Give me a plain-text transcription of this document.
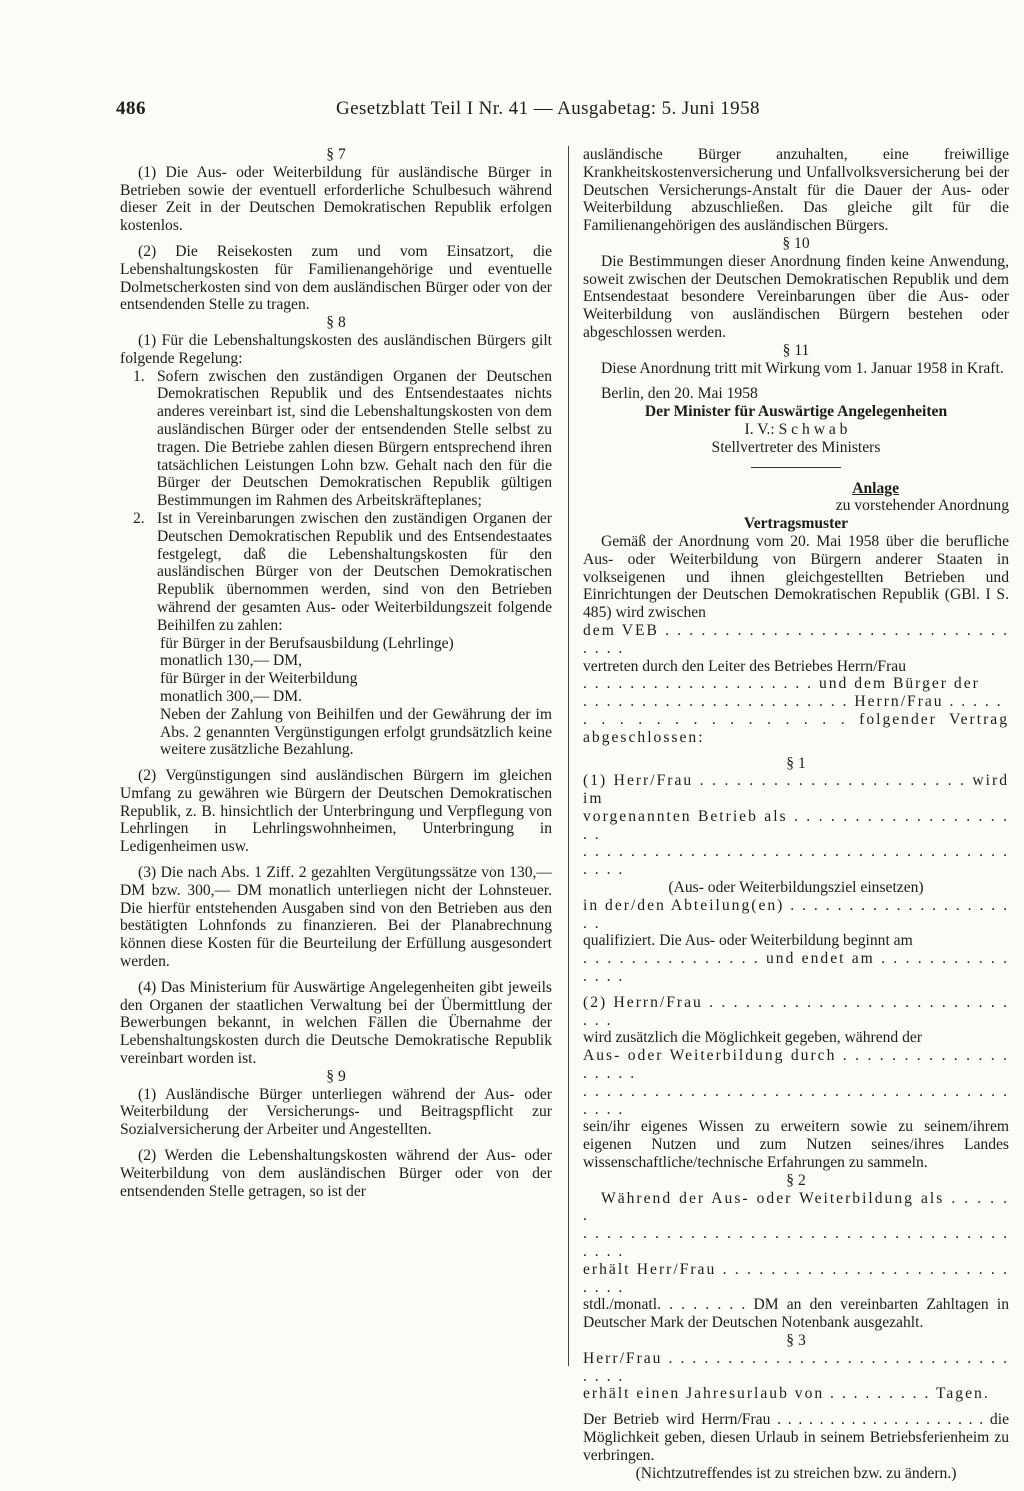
486	Gesetzblatt Teil I Nr. 41 — Ausgabetag: 5. Juni 1958

§ 7

(1) Die Aus- oder Weiterbildung für ausländische Bürger in Betrieben sowie der eventuell erforderliche Schulbesuch während dieser Zeit in der Deutschen Demokratischen Republik erfolgen kostenlos.

(2) Die Reisekosten zum und vom Einsatzort, die Lebenshaltungskosten für Familienangehörige und eventuelle Dolmetscherkosten sind von dem ausländischen Bürger oder von der entsendenden Stelle zu tragen.

§ 8

(1) Für die Lebenshaltungskosten des ausländischen Bürgers gilt folgende Regelung:

1. Sofern zwischen den zuständigen Organen der Deutschen Demokratischen Republik und des Entsendestaates nichts anderes vereinbart ist, sind die Lebenshaltungskosten von dem ausländischen Bürger oder der entsendenden Stelle selbst zu tragen. Die Betriebe zahlen diesen Bürgern entsprechend ihren tatsächlichen Leistungen Lohn bzw. Gehalt nach den für die Bürger der Deutschen Demokratischen Republik gültigen Bestimmungen im Rahmen des Arbeitskräfteplanes;
2. Ist in Vereinbarungen zwischen den zuständigen Organen der Deutschen Demokratischen Republik und des Entsendestaates festgelegt, daß die Lebenshaltungskosten für den ausländischen Bürger von der Deutschen Demokratischen Republik übernommen werden, sind von den Betrieben während der gesamten Aus- oder Weiterbildungszeit folgende Beihilfen zu zahlen:

für Bürger in der Berufsausbildung (Lehrlinge)

monatlich 130,— DM,

für Bürger in der Weiterbildung

monatlich 300,— DM.

Neben der Zahlung von Beihilfen und der Gewährung der im Abs. 2 genannten Vergünstigungen erfolgt grundsätzlich keine weitere zusätzliche Bezahlung.

(2) Vergünstigungen sind ausländischen Bürgern im gleichen Umfang zu gewähren wie Bürgern der Deutschen Demokratischen Republik, z. B. hinsichtlich der Unterbringung und Verpflegung von Lehrlingen in Lehrlingswohnheimen, Unterbringung in Ledigenheimen usw.

(3) Die nach Abs. 1 Ziff. 2 gezahlten Vergütungssätze von 130,— DM bzw. 300,— DM monatlich unterliegen nicht der Lohnsteuer. Die hierfür entstehenden Ausgaben sind von den Betrieben aus den bestätigten Lohnfonds zu finanzieren. Bei der Planabrechnung können diese Kosten für die Beurteilung der Erfüllung ausgesondert werden.

(4) Das Ministerium für Auswärtige Angelegenheiten gibt jeweils den Organen der staatlichen Verwaltung bei der Übermittlung der Bewerbungen bekannt, in welchen Fällen die Übernahme der Lebenshaltungskosten durch die Deutsche Demokratische Republik vereinbart worden ist.

§ 9

(1) Ausländische Bürger unterliegen während der Aus- oder Weiterbildung der Versicherungs- und Beitragspflicht zur Sozialversicherung der Arbeiter und Angestellten.

(2) Werden die Lebenshaltungskosten während der Aus- oder Weiterbildung von dem ausländischen Bürger oder von der entsendenden Stelle getragen, so ist der

ausländische Bürger anzuhalten, eine freiwillige Krankheitskostenversicherung und Unfallvolksversicherung bei der Deutschen Versicherungs-Anstalt für die Dauer der Aus- oder Weiterbildung abzuschließen. Das gleiche gilt für die Familienangehörigen des ausländischen Bürgers.

§ 10

Die Bestimmungen dieser Anordnung finden keine Anwendung, soweit zwischen der Deutschen Demokratischen Republik und dem Entsendestaat besondere Vereinbarungen über die Aus- oder Weiterbildung von ausländischen Bürgern bestehen oder abgeschlossen werden.

§ 11

Diese Anordnung tritt mit Wirkung vom 1. Januar 1958 in Kraft.

Berlin, den 20. Mai 1958

Der Minister für Auswärtige Angelegenheiten

I. V.: S c h w a b

Stellvertreter des Ministers

Anlage

zu vorstehender Anordnung

Vertragsmuster

Gemäß der Anordnung vom 20. Mai 1958 über die berufliche Aus- oder Weiterbildung von Bürgern anderer Staaten in volkseigenen und ihnen gleichgestellten Betrieben und Einrichtungen der Deutschen Demokratischen Republik (GBl. I S. 485) wird zwischen

dem VEB . . . . . . . . . . . . . . . . . . . . . . . . . . . . . . . . .

vertreten durch den Leiter des Betriebes Herrn/Frau

. . . . . . . . . . . . . . . . . . . . und dem Bürger der

. . . . . . . . . . . . . . . . . . . . . . . Herrn/Frau . . . . .

. . . . . . . . . . . . . . . folgender Vertrag abgeschlossen:

§ 1

(1) Herr/Frau . . . . . . . . . . . . . . . . . . . . . . wird im

vorgenannten Betrieb als . . . . . . . . . . . . . . . . . . . .

. . . . . . . . . . . . . . . . . . . . . . . . . . . . . . . . . . . . . . . .

(Aus- oder Weiterbildungsziel einsetzen)

in der/den Abteilung(en) . . . . . . . . . . . . . . . . . . . . .

qualifiziert. Die Aus- oder Weiterbildung beginnt am

. . . . . . . . . . . . . . . und endet am . . . . . . . . . . . . . . .

(2) Herrn/Frau . . . . . . . . . . . . . . . . . . . . . . . . . . . .

wird zusätzlich die Möglichkeit gegeben, während der

Aus- oder Weiterbildung durch . . . . . . . . . . . . . . . . . . .

. . . . . . . . . . . . . . . . . . . . . . . . . . . . . . . . . . . . . . . .

sein/ihr eigenes Wissen zu erweitern sowie zu seinem/ihrem eigenen Nutzen und zum Nutzen seines/ihres Landes wissenschaftliche/technische Erfahrungen zu sammeln.

§ 2

Während der Aus- oder Weiterbildung als . . . . . .

. . . . . . . . . . . . . . . . . . . . . . . . . . . . . . . . . . . . . . . .

erhält Herr/Frau . . . . . . . . . . . . . . . . . . . . . . . . . . . .

stdl./monatl. . . . . . . . DM an den vereinbarten Zahltagen in Deutscher Mark der Deutschen Notenbank ausgezahlt.

§ 3

Herr/Frau . . . . . . . . . . . . . . . . . . . . . . . . . . . . . . . . .

erhält einen Jahresurlaub von . . . . . . . . . Tagen.

Der Betrieb wird Herrn/Frau . . . . . . . . . . . . . . . . . . . . die Möglichkeit geben, diesen Urlaub in seinem Betriebsferienheim zu verbringen.

(Nichtzutreffendes ist zu streichen bzw. zu ändern.)
